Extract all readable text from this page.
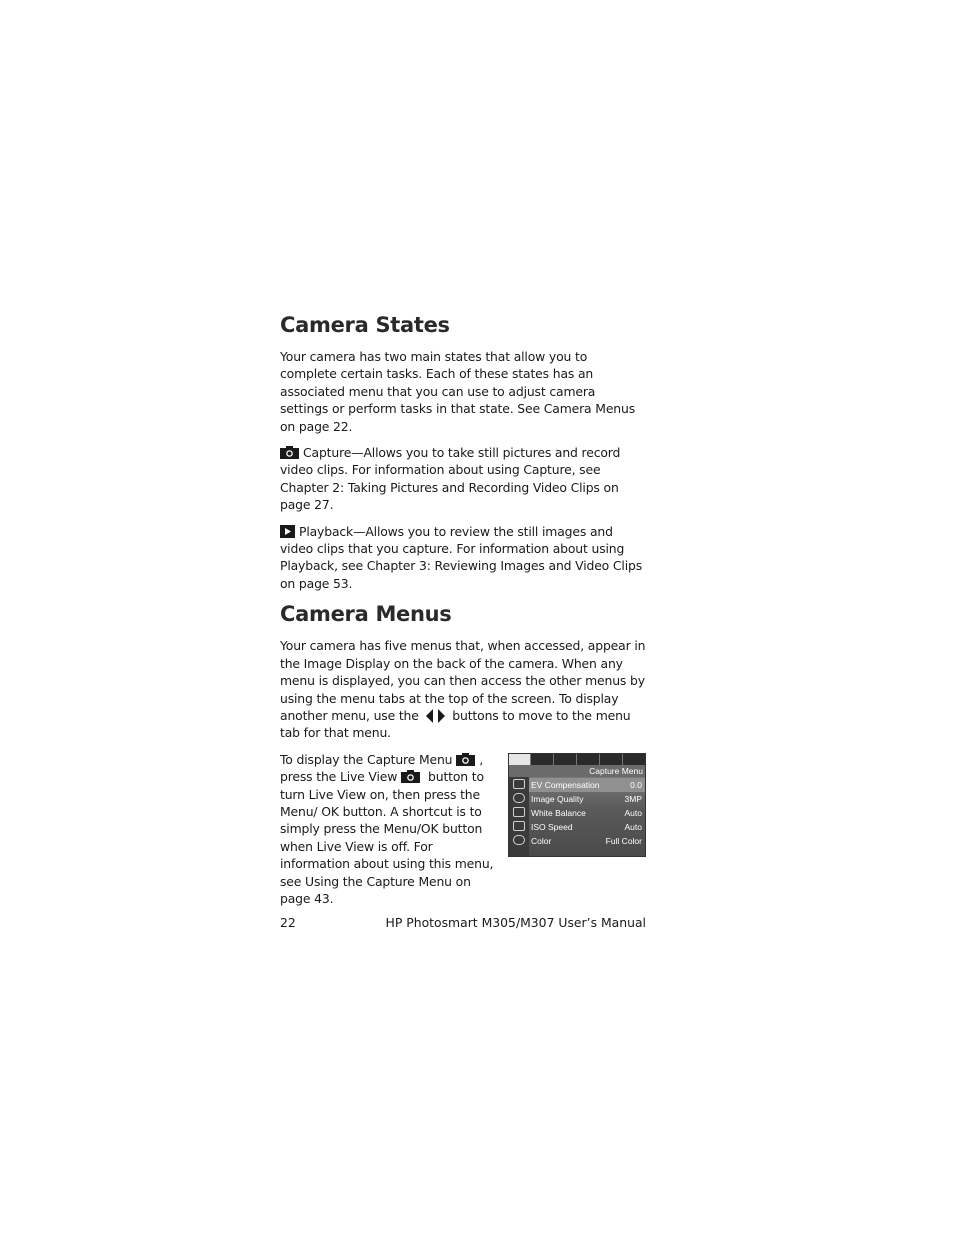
Camera States

Your camera has two main states that allow you to complete certain tasks. Each of these states has an associated menu that you can use to adjust camera settings or perform tasks in that state. See Camera Menus on page 22.

Capture—Allows you to take still pictures and record video clips. For information about using Capture, see Chapter 2: Taking Pictures and Recording Video Clips on page 27.

Playback—Allows you to review the still images and video clips that you capture. For information about using Playback, see Chapter 3: Reviewing Images and Video Clips on page 53.

Camera Menus

Your camera has five menus that, when accessed, appear in the Image Display on the back of the camera. When any menu is displayed, you can then access the other menus by using the menu tabs at the top of the screen. To display another menu, use the
buttons to move to the menu tab for that menu.

To display the Capture Menu , press the Live View
button to turn Live View on, then press the Menu/ OK button. A shortcut is to simply press the Menu/OK button when Live View is off. For information about using this menu, see Using the Capture Menu on page 43.

Capture Menu
EV Compensation	0.0
Image Quality	3MP
White Balance	Auto
ISO Speed	Auto
Color	Full Color
22	HP Photosmart M305/M307 User’s Manual
